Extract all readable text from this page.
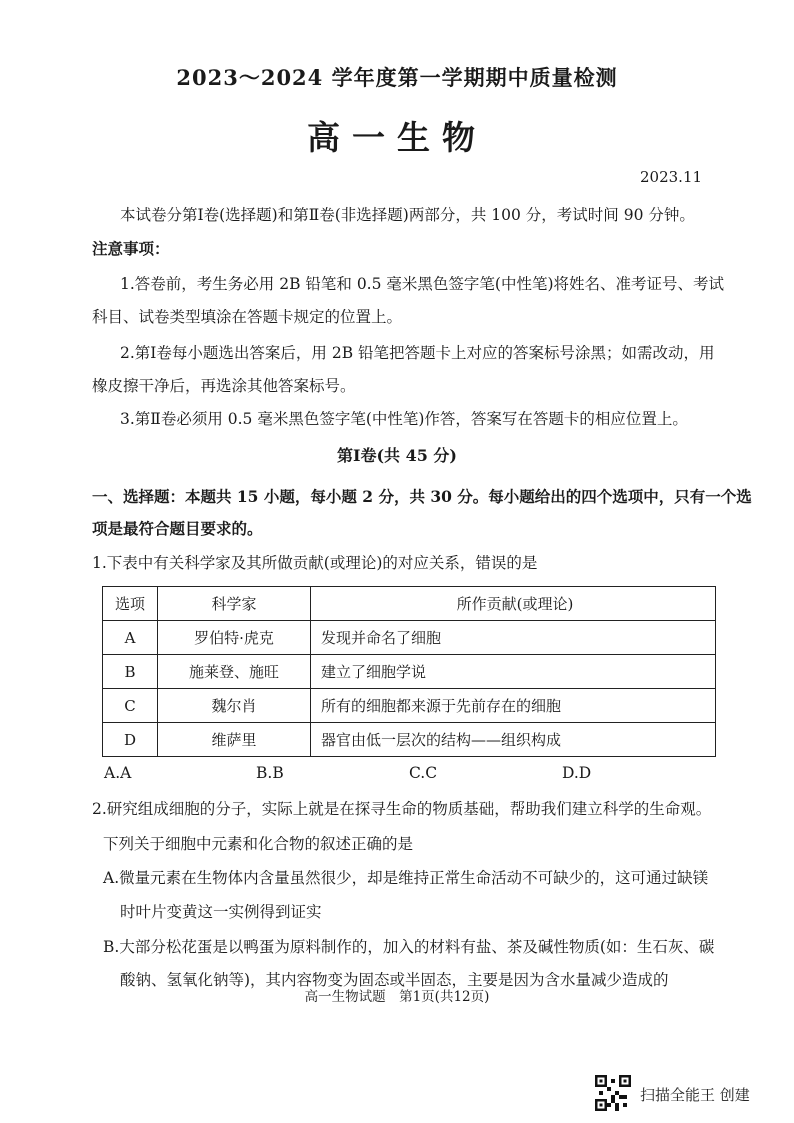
2023～2024 学年度第一学期期中质量检测
高一生物
2023.11
本试卷分第Ⅰ卷(选择题)和第Ⅱ卷(非选择题)两部分，共 100 分，考试时间 90 分钟。
注意事项：
1.答卷前，考生务必用 2B 铅笔和 0.5 毫米黑色签字笔(中性笔)将姓名、准考证号、考试
科目、试卷类型填涂在答题卡规定的位置上。
2.第Ⅰ卷每小题选出答案后，用 2B 铅笔把答题卡上对应的答案标号涂黑；如需改动，用
橡皮擦干净后，再选涂其他答案标号。
3.第Ⅱ卷必须用 0.5 毫米黑色签字笔(中性笔)作答，答案写在答题卡的相应位置上。
第Ⅰ卷(共 45 分)
一、选择题：本题共 15 小题，每小题 2 分，共 30 分。每小题给出的四个选项中，只有一个选
项是最符合题目要求的。
1.下表中有关科学家及其所做贡献(或理论)的对应关系，错误的是
选项	科学家	所作贡献(或理论)
A	罗伯特·虎克	发现并命名了细胞
B	施莱登、施旺	建立了细胞学说
C	魏尔肖	所有的细胞都来源于先前存在的细胞
D	维萨里	器官由低一层次的结构——组织构成
A.A	B.B	C.C	D.D
2.研究组成细胞的分子，实际上就是在探寻生命的物质基础，帮助我们建立科学的生命观。
下列关于细胞中元素和化合物的叙述正确的是
A.微量元素在生物体内含量虽然很少，却是维持正常生命活动不可缺少的，这可通过缺镁
时叶片变黄这一实例得到证实
B.大部分松花蛋是以鸭蛋为原料制作的，加入的材料有盐、茶及碱性物质(如：生石灰、碳
酸钠、氢氧化钠等)，其内容物变为固态或半固态，主要是因为含水量减少造成的
高一生物试题　第1页(共12页)
扫描全能王 创建
